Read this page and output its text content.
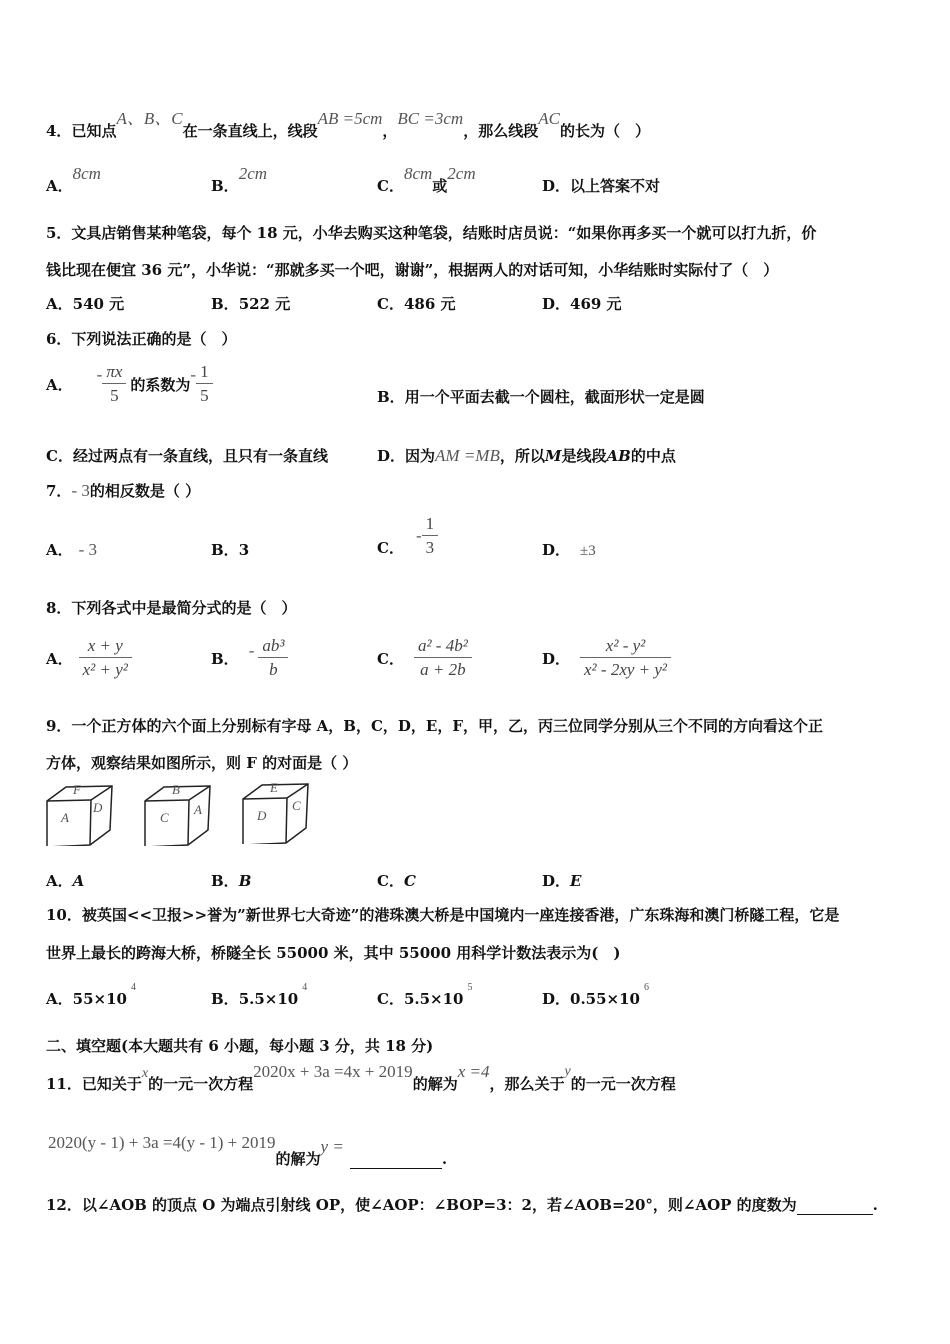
4．已知点A、B、C在一条直线上，线段AB =5cm，BC =3cm，那么线段AC的长为（　）
A．8cm
B．2cm
C．8cm或2cm
D．以上答案不对
5．文具店销售某种笔袋，每个 18 元，小华去购买这种笔袋，结账时店员说：“如果你再多买一个就可以打九折，价
钱比现在便宜 36 元”，小华说：“那就多买一个吧，谢谢”，根据两人的对话可知，小华结账时实际付了（　）
A．540 元	B．522 元	C．486 元	D．469 元
6．下列说法正确的是（　）
A．
- $\frac{\pi x}{5}$ 的系数为
- $\frac{1}{5}$	B．用一个平面去截一个圆柱，截面形状一定是圆
C．经过两点有一条直线，且只有一条直线	D．因为AM =MB，所以M是线段AB的中点
7．- 3的相反数是（ ）
A． - 3	B．3	C．
- $\frac{1}{3}$	D． ±3
8．下列各式中是最简分式的是（　）
A． $\frac{x + y}{\text{x² + y²}}$	B． - $\frac{\text{ab³}}{b}$	C． $\frac{\text{a² - 4b²}}{a + 2b}$	D． $\frac{\text{x² - y²}}{\text{x² - 2xy + y²}}$
9．一个正方体的六个面上分别标有字母 A，B，C，D，E，F，甲，乙，丙三位同学分别从三个不同的方向看这个正
方体，观察结果如图所示，则 F 的对面是（ ）
F
A
D
B
C
A
E
D
C
A．A	B．B	C．C	D．E
10．被英国<<卫报>>誉为”新世界七大奇迹”的港珠澳大桥是中国境内一座连接香港，广东珠海和澳门桥隧工程，它是
世界上最长的跨海大桥，桥隧全长 55000 米，其中 55000 用科学计数法表示为(　)
A．$55\times 10^4$
B．$5.5\times 10^4$
C．$5.5\times 10^5$
D．$0.55\times 10^6$
二、填空题(本大题共有 6 小题，每小题 3 分，共 18 分)
11．已知关于x的一元一次方程2020x + 3a =4x + 2019的解为x =4，那么关于y的一元一次方程
2020(y - 1) + 3a =4(y - 1) + 2019的解为y = .
12．以∠AOB 的顶点 O 为端点引射线 OP，使∠AOP：∠BOP=3：2，若∠AOB=20°，则∠AOP 的度数为	.
